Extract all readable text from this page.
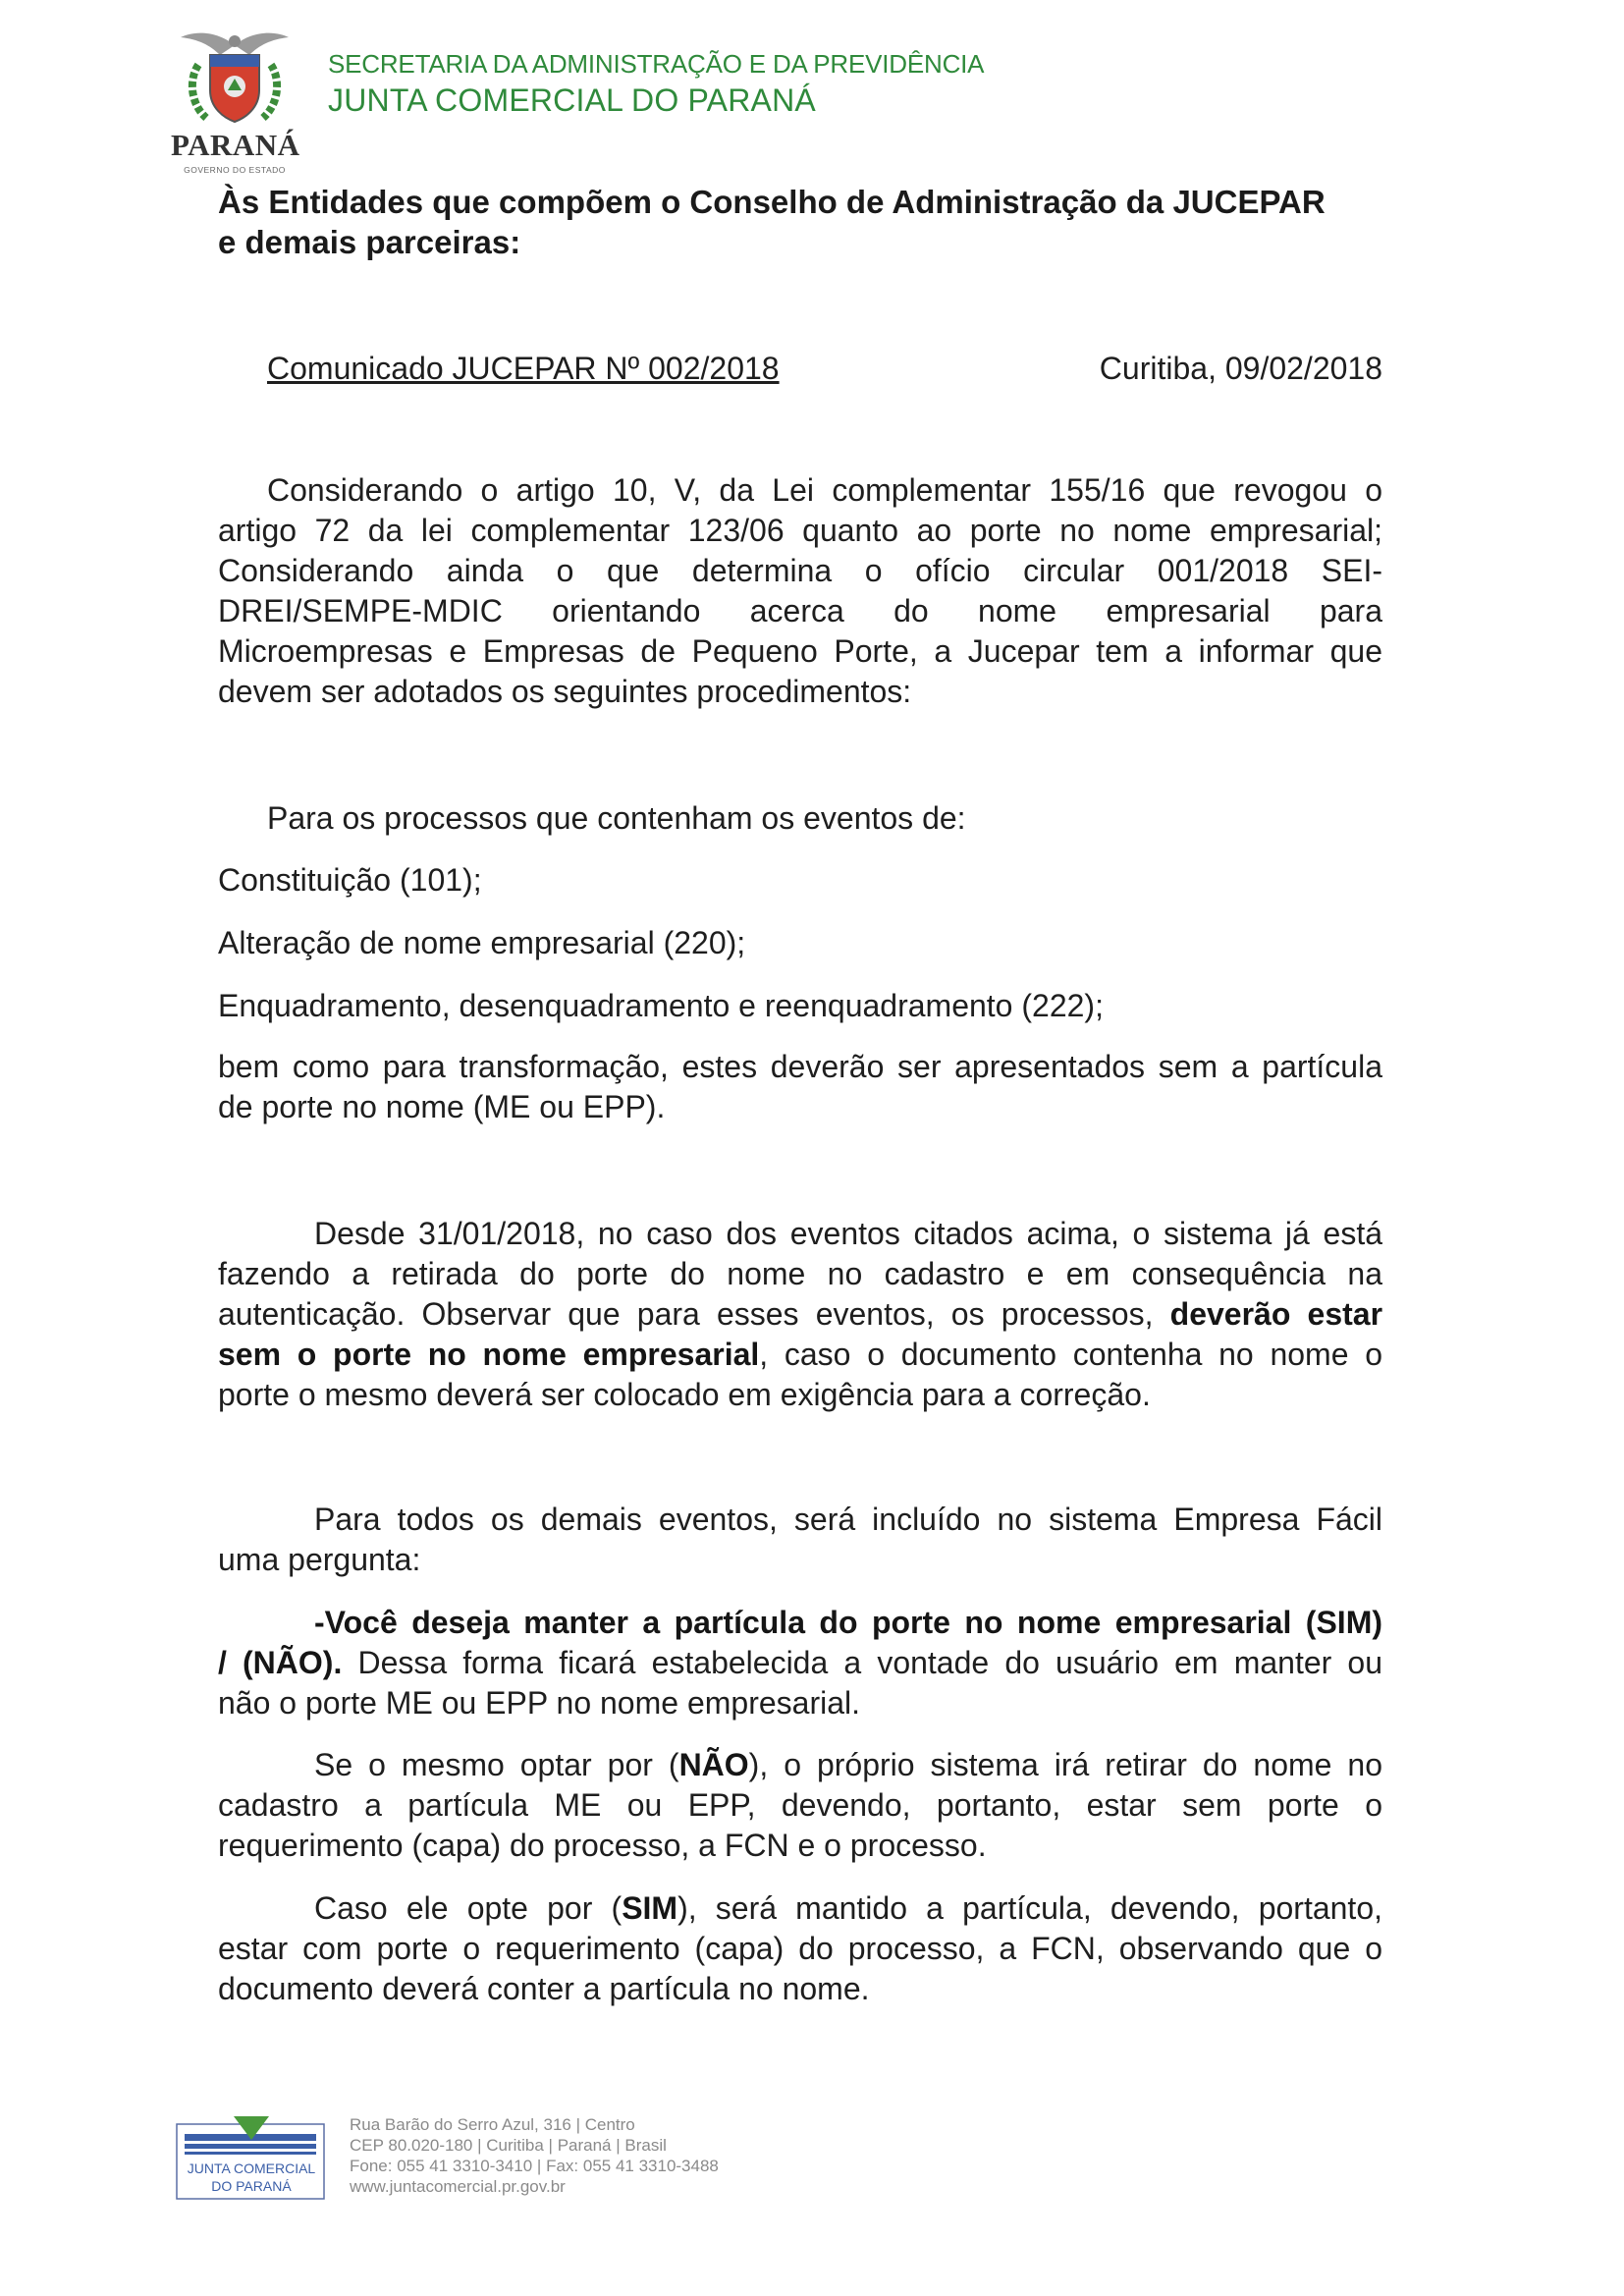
PARANÁ
GOVERNO DO ESTADO
SECRETARIA DA ADMINISTRAÇÃO E DA PREVIDÊNCIA
JUNTA COMERCIAL DO PARANÁ
Às Entidades que compõem o Conselho de Administração da JUCEPAR
e demais parceiras:
Comunicado JUCEPAR Nº 002/2018	Curitiba, 09/02/2018
Considerando o artigo 10, V, da Lei complementar 155/16 que revogou o
artigo 72 da lei complementar 123/06 quanto ao porte no nome empresarial;
Considerando ainda o que determina o ofício circular 001/2018 SEI-
DREI/SEMPE-MDIC orientando acerca do nome empresarial para
Microempresas e Empresas de Pequeno Porte, a Jucepar tem a informar que
devem ser adotados os seguintes procedimentos:
Para os processos que contenham os eventos de:
Constituição (101);
Alteração de nome empresarial (220);
Enquadramento, desenquadramento e reenquadramento (222);
bem como para transformação, estes deverão ser apresentados sem a partícula
de porte no nome (ME ou EPP).
Desde 31/01/2018, no caso dos eventos citados acima, o sistema já está
fazendo a retirada do porte do nome no cadastro e em consequência na
autenticação. Observar que para esses eventos, os processos, deverão estar
sem o porte no nome empresarial, caso o documento contenha no nome o
porte o mesmo deverá ser colocado em exigência para a correção.
Para todos os demais eventos, será incluído no sistema Empresa Fácil
uma pergunta:
-Você deseja manter a partícula do porte no nome empresarial (SIM)
/ (NÃO). Dessa forma ficará estabelecida a vontade do usuário em manter ou
não o porte ME ou EPP no nome empresarial.
Se o mesmo optar por (NÃO), o próprio sistema irá retirar do nome no
cadastro a partícula ME ou EPP, devendo, portanto, estar sem porte o
requerimento (capa) do processo, a FCN e o processo.
Caso ele opte por (SIM), será mantido a partícula, devendo, portanto,
estar com porte o requerimento (capa) do processo, a FCN, observando que o
documento deverá conter a partícula no nome.
JUNTA COMERCIAL
DO PARANÁ
Rua Barão do Serro Azul, 316 | Centro
CEP 80.020-180 | Curitiba | Paraná | Brasil
Fone: 055 41 3310-3410 | Fax: 055 41 3310-3488
www.juntacomercial.pr.gov.br
